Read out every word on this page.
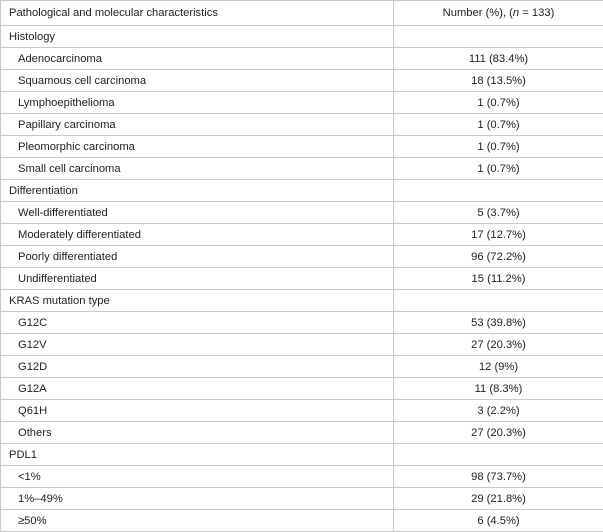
Pathological and molecular characteristics	Number (%), (n = 133)
Histology	
Adenocarcinoma	111 (83.4%)
Squamous cell carcinoma	18 (13.5%)
Lymphoepithelioma	1 (0.7%)
Papillary carcinoma	1 (0.7%)
Pleomorphic carcinoma	1 (0.7%)
Small cell carcinoma	1 (0.7%)
Differentiation	
Well-differentiated	5 (3.7%)
Moderately differentiated	17 (12.7%)
Poorly differentiated	96 (72.2%)
Undifferentiated	15 (11.2%)
KRAS mutation type	
G12C	53 (39.8%)
G12V	27 (20.3%)
G12D	12 (9%)
G12A	11 (8.3%)
Q61H	3 (2.2%)
Others	27 (20.3%)
PDL1	
<1%	98 (73.7%)
1%–49%	29 (21.8%)
≥50%	6 (4.5%)
